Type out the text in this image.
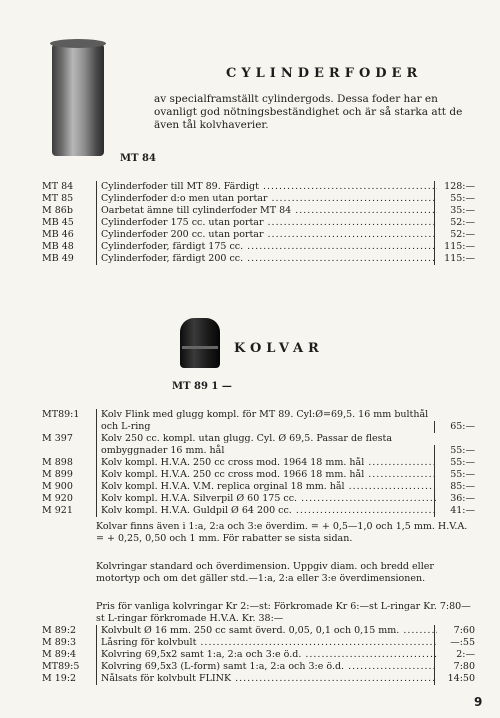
CYLINDERFODER
av specialframställt cylindergods. Dessa foder har en ovanligt god nötningsbeständighet och är så starka att de även tål kolvhaverier.
MT 84
MT 84	Cylinderfoder till MT 89. Färdigt .....	128:—
MT 85	Cylinderfoder d:o men utan portar .....	55:—
M 86b	Oarbetat ämne till cylinderfoder MT 84 .....	35:—
MB 45	Cylinderfoder 175 cc. utan portar .....	52:—
MB 46	Cylinderfoder 200 cc. utan portar .....	52:—
MB 48	Cylinderfoder, färdigt 175 cc. .....	115:—
MB 49	Cylinderfoder, färdigt 200 cc. .....	115:—
KOLVAR
MT 89 1 —
MT89:1	Kolv Flink med glugg kompl. för MT 89. Cyl:Ø=69,5. 16 mm bulthål och L-ring	65:—
M 397	Kolv 250 cc. kompl. utan glugg. Cyl. Ø 69,5. Passar de flesta ombyggnader 16 mm. hål	55:—
M 898	Kolv kompl. H.V.A. 250 cc cross mod. 1964 18 mm. hål .....	55:—
M 899	Kolv kompl. H.V.A. 250 cc cross mod. 1966 18 mm. hål .....	55:—
M 900	Kolv kompl. H.V.A. V.M. replica orginal 18 mm. hål .....	85:—
M 920	Kolv kompl. H.V.A. Silverpil Ø 60 175 cc. .....	36:—
M 921	Kolv kompl. H.V.A. Guldpil Ø 64 200 cc. .....	41:—
Kolvar finns även i 1:a, 2:a och 3:e överdim. = + 0,5—1,0 och 1,5 mm. H.V.A. = + 0,25, 0,50 och 1 mm. För rabatter se sista sidan.
Kolvringar standard och överdimension. Uppgiv diam. och bredd eller motortyp och om det gäller std.—1:a, 2:a eller 3:e överdimensionen.
Pris för vanliga kolvringar Kr 2:—st: Förkromade Kr 6:—st L-ringar Kr. 7:80—st L-ringar förkromade H.V.A. Kr. 38:—
M 89:2	Kolvbult Ø 16 mm. 250 cc samt överd. 0,05, 0,1 och 0,15 mm. .....	7:60
M 89:3	Låsring för kolvbult .....	—:55
M 89:4	Kolvring 69,5x2 samt 1:a, 2:a och 3:e ö.d. .....	2:—
MT89:5	Kolvring 69,5x3 (L-form) samt 1:a, 2:a och 3:e ö.d. .....	7:80
M 19:2	Nålsats för kolvbult FLINK .....	14:50
9
